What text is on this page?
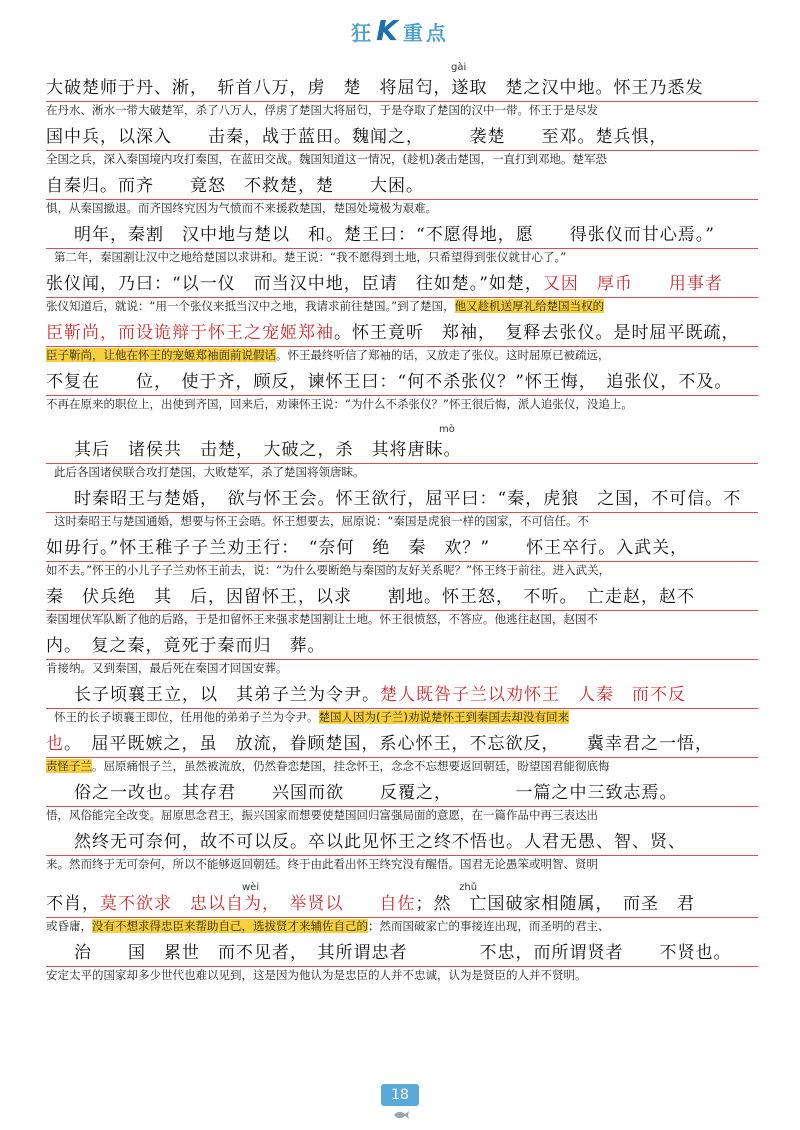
狂K 重点
gài
大破楚师于丹、淅，　斩首八万，虏　楚　将屈匄，遂取　楚之汉中地。怀王乃悉发
在丹水、淅水一带大破楚军，杀了八万人，俘虏了楚国大将屈匄，于是夺取了楚国的汉中一带。怀王于是尽发
国中兵，以深入　　击秦，战于蓝田。魏闻之，　　　袭楚　　至邓。楚兵惧，
全国之兵，深入秦国境内攻打秦国，在蓝田交战。魏国知道这一情况，(趁机)袭击楚国，一直打到邓地。楚军恐
自秦归。而齐　　竟怒　不救楚，楚　　大困。
惧，从秦国撤退。而齐国终究因为气愤而不来援救楚国，楚国处境极为艰难。
明年，秦割　汉中地与楚以　和。楚王曰：“不愿得地，愿　　得张仪而甘心焉。”
第二年，秦国割让汉中之地给楚国以求讲和。楚王说：“我不愿得到土地，只希望得到张仪就甘心了。”
张仪闻，乃曰：“以一仪　而当汉中地，臣请　往如楚。”如楚，又因　厚币　　用事者
张仪知道后，就说：“用一个张仪来抵当汉中之地，我请求前往楚国。”到了楚国，他又趁机送厚礼给楚国当权的
臣靳尚，而设诡辩于怀王之宠姬郑袖。怀王竟听　郑袖，　复释去张仪。是时屈平既疏，
臣子靳尚，让他在怀王的宠姬郑袖面前说假话。怀王最终听信了郑袖的话，又放走了张仪。这时屈原已被疏远，
不复在　　位，　使于齐，顾反，谏怀王曰：“何不杀张仪？”怀王悔，　追张仪，不及。
不再在原来的职位上，出使到齐国，回来后，劝谏怀王说：“为什么不杀张仪？”怀王很后悔，派人追张仪，没追上。
mò
其后　诸侯共　击楚，　大破之，杀　其将唐眜。
此后各国诸侯联合攻打楚国，大败楚军，杀了楚国将领唐眜。
时秦昭王与楚婚，　欲与怀王会。怀王欲行，屈平曰：“秦，虎狼　之国，不可信。不
这时秦昭王与楚国通婚，想要与怀王会晤。怀王想要去，屈原说：“秦国是虎狼一样的国家，不可信任。不
如毋行。”怀王稚子子兰劝王行：　“奈何　绝　秦　欢？”　　怀王卒行。入武关，
如不去。”怀王的小儿子子兰劝怀王前去，说：“为什么要断绝与秦国的友好关系呢？”怀王终于前往。进入武关，
秦　伏兵绝　其　后，因留怀王，以求　　割地。怀王怒，　不听。　亡走赵，赵不
秦国埋伏军队断了他的后路，于是扣留怀王来强求楚国割让土地。怀王很愤怒，不答应。他逃往赵国，赵国不
内。　复之秦，竟死于秦而归　葬。
肯接纳。又到秦国，最后死在秦国才回国安葬。
长子顷襄王立，以　其弟子兰为令尹。楚人既咎子兰以劝怀王　人秦　而不反
怀王的长子顷襄王即位，任用他的弟弟子兰为令尹。楚国人因为(子兰)劝说楚怀王到秦国去却没有回来
也。　屈平既嫉之，虽　放流，眷顾楚国，系心怀王，不忘欲反，　　冀幸君之一悟，
责怪子兰。屈原痛恨子兰，虽然被流放，仍然眷恋楚国，挂念怀王，念念不忘想要返回朝廷，盼望国君能彻底悔
俗之一改也。其存君　　兴国而欲　　反覆之，　　　　一篇之中三致志焉。
悟，风俗能完全改变。屈原思念君王，振兴国家而想要使楚国回归富强局面的意愿，在一篇作品中再三表达出
然终无可奈何，故不可以反。卒以此见怀王之终不悟也。人君无愚、智、贤、
来。然而终于无可奈何，所以不能够返回朝廷。终于由此看出怀王终究没有醒悟。国君无论愚笨或明智、贤明
wèi　　　　　　　　　　　　　　　　　　　　zhǔ
不肖，莫不欲求　忠以自为，　举贤以　　自佐；然　亡国破家相随属，　而圣　君
或昏庸，没有不想求得忠臣来帮助自己，选拔贤才来辅佐自己的；然而国破家亡的事接连出现，而圣明的君主、
治　　国　累世　而不见者，　其所谓忠者　　　　不忠，而所谓贤者　　不贤也。
安定太平的国家却多少世代也难以见到，这是因为他认为是忠臣的人并不忠诚，认为是贤臣的人并不贤明。
18
